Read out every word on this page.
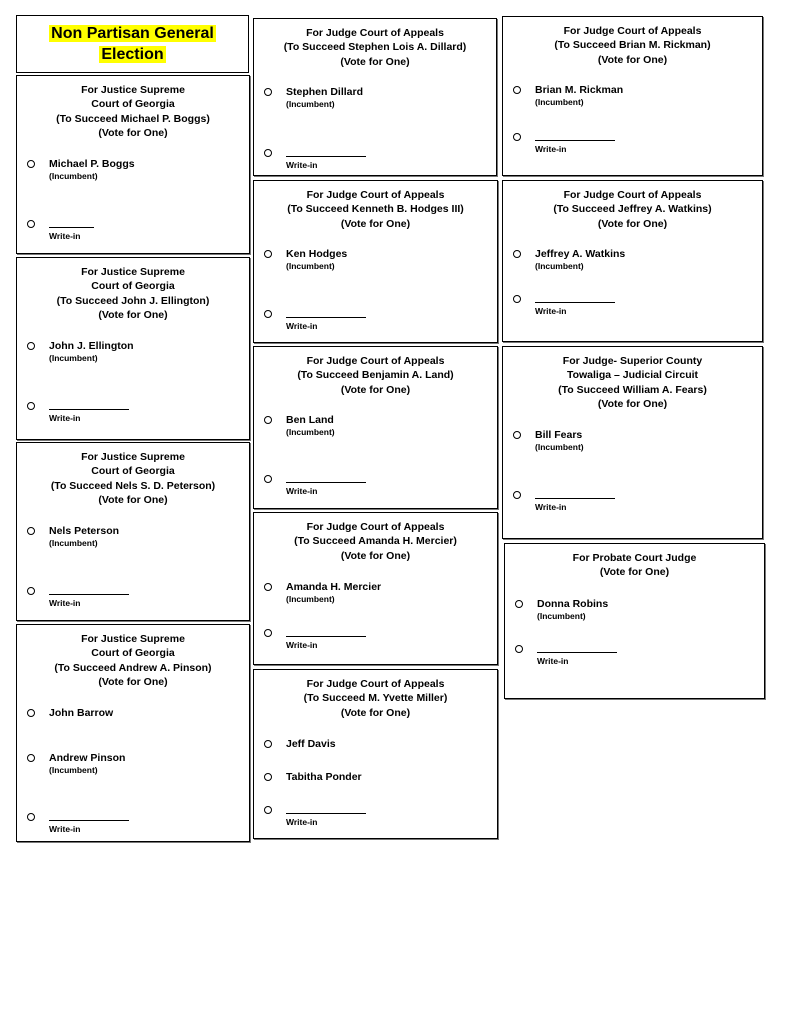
Non Partisan General
Election
For Justice Supreme
Court of Georgia
(To Succeed Michael P. Boggs)
(Vote for One)
Michael P. Boggs
(Incumbent)
Write-in
For Justice Supreme
Court of Georgia
(To Succeed John J. Ellington)
(Vote for One)
John J. Ellington
(Incumbent)
Write-in
For Justice Supreme
Court of Georgia
(To Succeed Nels S. D. Peterson)
(Vote for One)
Nels Peterson
(Incumbent)
Write-in
For Justice Supreme
Court of Georgia
(To Succeed Andrew A. Pinson)
(Vote for One)
John Barrow
Andrew Pinson
(Incumbent)
Write-in
For Judge Court of Appeals
(To Succeed Stephen Lois A. Dillard)
(Vote for One)
Stephen Dillard
(Incumbent)
Write-in
For Judge Court of Appeals
(To Succeed Kenneth B. Hodges III)
(Vote for One)
Ken Hodges
(Incumbent)
Write-in
For Judge Court of Appeals
(To Succeed Benjamin A. Land)
(Vote for One)
Ben Land
(Incumbent)
Write-in
For Judge Court of Appeals
(To Succeed Amanda H. Mercier)
(Vote for One)
Amanda H. Mercier
(Incumbent)
Write-in
For Judge Court of Appeals
(To Succeed M. Yvette Miller)
(Vote for One)
Jeff Davis
Tabitha Ponder
Write-in
For Judge Court of Appeals
(To Succeed Brian M. Rickman)
(Vote for One)
Brian M. Rickman
(Incumbent)
Write-in
For Judge Court of Appeals
(To Succeed Jeffrey A. Watkins)
(Vote for One)
Jeffrey A. Watkins
(Incumbent)
Write-in
For Judge- Superior County
Towaliga – Judicial Circuit
(To Succeed William A. Fears)
(Vote for One)
Bill Fears
(Incumbent)
Write-in
For Probate Court Judge
(Vote for One)
Donna Robins
(Incumbent)
Write-in
